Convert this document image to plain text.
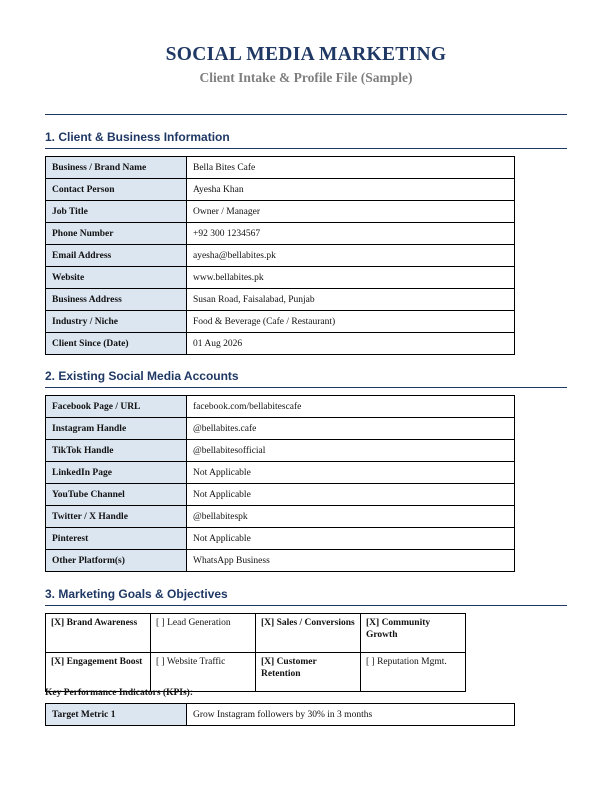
SOCIAL MEDIA MARKETING
Client Intake & Profile File (Sample)
1. Client & Business Information
Business / Brand Name	Bella Bites Cafe
Contact Person	Ayesha Khan
Job Title	Owner / Manager
Phone Number	+92 300 1234567
Email Address	ayesha@bellabites.pk
Website	www.bellabites.pk
Business Address	Susan Road, Faisalabad, Punjab
Industry / Niche	Food & Beverage (Cafe / Restaurant)
Client Since (Date)	01 Aug 2026
2. Existing Social Media Accounts
Facebook Page / URL	facebook.com/bellabitescafe
Instagram Handle	@bellabites.cafe
TikTok Handle	@bellabitesofficial
LinkedIn Page	Not Applicable
YouTube Channel	Not Applicable
Twitter / X Handle	@bellabitespk
Pinterest	Not Applicable
Other Platform(s)	WhatsApp Business
3. Marketing Goals & Objectives
[X] Brand Awareness	[ ] Lead Generation	[X] Sales / Conversions	[X] Community Growth
[X] Engagement Boost	[ ] Website Traffic	[X] Customer Retention	[ ] Reputation Mgmt.
Key Performance Indicators (KPIs):
Target Metric 1	Grow Instagram followers by 30% in 3 months
